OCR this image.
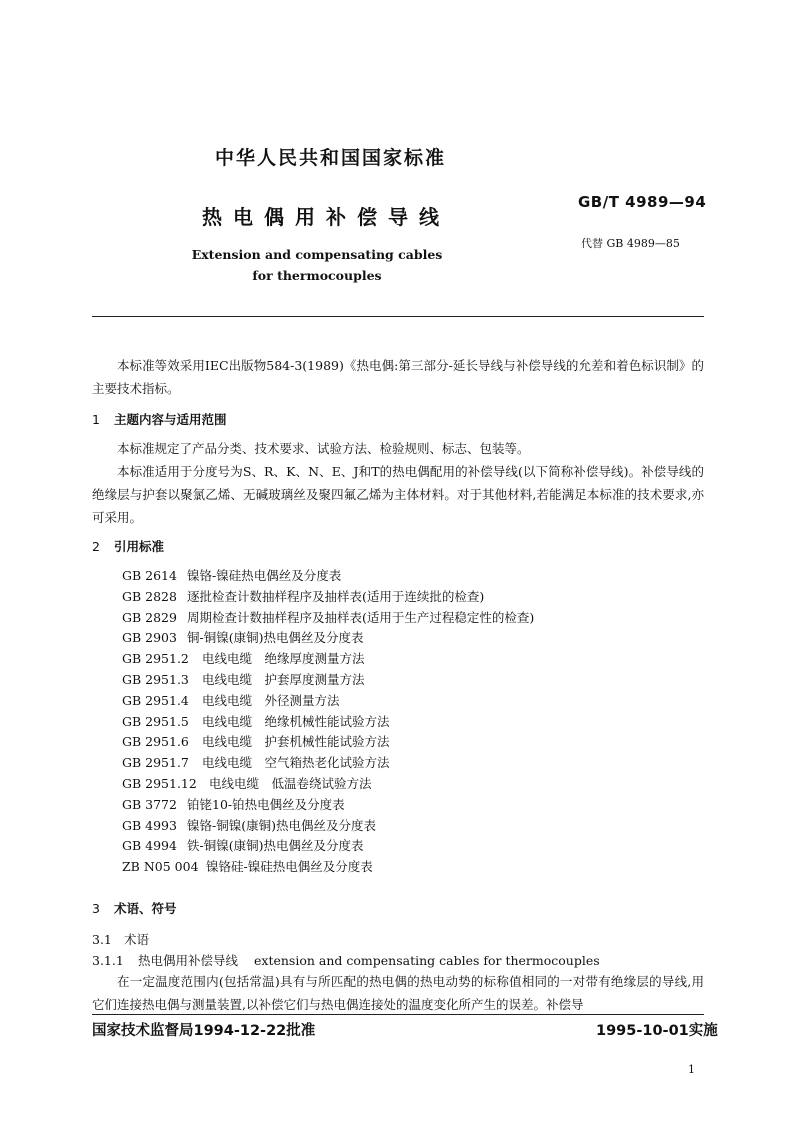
中华人民共和国国家标准
热电偶用补偿导线
GB/T 4989—94
代替 GB 4989—85
Extension and compensating cables
for thermocouples

本标准等效采用IEC出版物584-3(1989)《热电偶:第三部分-延长导线与补偿导线的允差和着色标识制》的主要技术指标。

1 主题内容与适用范围

本标准规定了产品分类、技术要求、试验方法、检验规则、标志、包装等。

本标准适用于分度号为S、R、K、N、E、J和T的热电偶配用的补偿导线(以下简称补偿导线)。补偿导线的绝缘层与护套以聚氯乙烯、无碱玻璃丝及聚四氟乙烯为主体材料。对于其他材料,若能满足本标准的技术要求,亦可采用。

2 引用标准
GB 2614 镍铬-镍硅热电偶丝及分度表
GB 2828 逐批检查计数抽样程序及抽样表(适用于连续批的检查)
GB 2829 周期检查计数抽样程序及抽样表(适用于生产过程稳定性的检查)
GB 2903 铜-铜镍(康铜)热电偶丝及分度表
GB 2951.2 电线电缆　绝缘厚度测量方法
GB 2951.3 电线电缆　护套厚度测量方法
GB 2951.4 电线电缆　外径测量方法
GB 2951.5 电线电缆　绝缘机械性能试验方法
GB 2951.6 电线电缆　护套机械性能试验方法
GB 2951.7 电线电缆　空气箱热老化试验方法
GB 2951.12 电线电缆　低温卷绕试验方法
GB 3772 铂铑10-铂热电偶丝及分度表
GB 4993 镍铬-铜镍(康铜)热电偶丝及分度表
GB 4994 铁-铜镍(康铜)热电偶丝及分度表
ZB N05 004 镍铬硅-镍硅热电偶丝及分度表
3 术语、符号
3.1 术语
3.1.1 热电偶用补偿导线 extension and compensating cables for thermocouples

在一定温度范围内(包括常温)具有与所匹配的热电偶的热电动势的标称值相同的一对带有绝缘层的导线,用它们连接热电偶与测量装置,以补偿它们与热电偶连接处的温度变化所产生的误差。补偿导

国家技术监督局1994-12-22批准	1995-10-01实施
1
